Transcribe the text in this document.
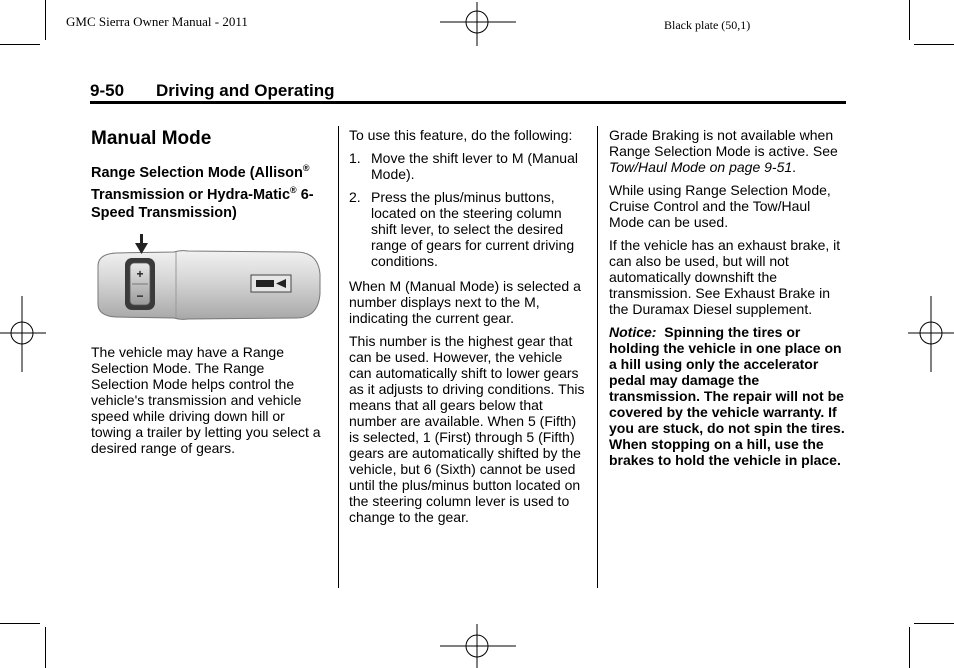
GMC Sierra Owner Manual - 2011	Black plate (50,1)
9-50 Driving and Operating
Manual Mode
Range Selection Mode (Allison® Transmission or Hydra-Matic® 6-Speed Transmission)
+
−

The vehicle may have a Range Selection Mode. The Range Selection Mode helps control the vehicle's transmission and vehicle speed while driving down hill or towing a trailer by letting you select a desired range of gears.

To use this feature, do the following:

1. Move the shift lever to M (Manual Mode).
2. Press the plus/minus buttons, located on the steering column shift lever, to select the desired range of gears for current driving conditions.

When M (Manual Mode) is selected a number displays next to the M, indicating the current gear.

This number is the highest gear that can be used. However, the vehicle can automatically shift to lower gears as it adjusts to driving conditions. This means that all gears below that number are available. When 5 (Fifth) is selected, 1 (First) through 5 (Fifth) gears are automatically shifted by the vehicle, but 6 (Sixth) cannot be used until the plus/minus button located on the steering column lever is used to change to the gear.

Grade Braking is not available when Range Selection Mode is active. See Tow/Haul Mode on page 9-51.

While using Range Selection Mode, Cruise Control and the Tow/Haul Mode can be used.

If the vehicle has an exhaust brake, it can also be used, but will not automatically downshift the transmission. See Exhaust Brake in the Duramax Diesel supplement.

Notice: Spinning the tires or holding the vehicle in one place on a hill using only the accelerator pedal may damage the transmission. The repair will not be covered by the vehicle warranty. If you are stuck, do not spin the tires. When stopping on a hill, use the brakes to hold the vehicle in place.
